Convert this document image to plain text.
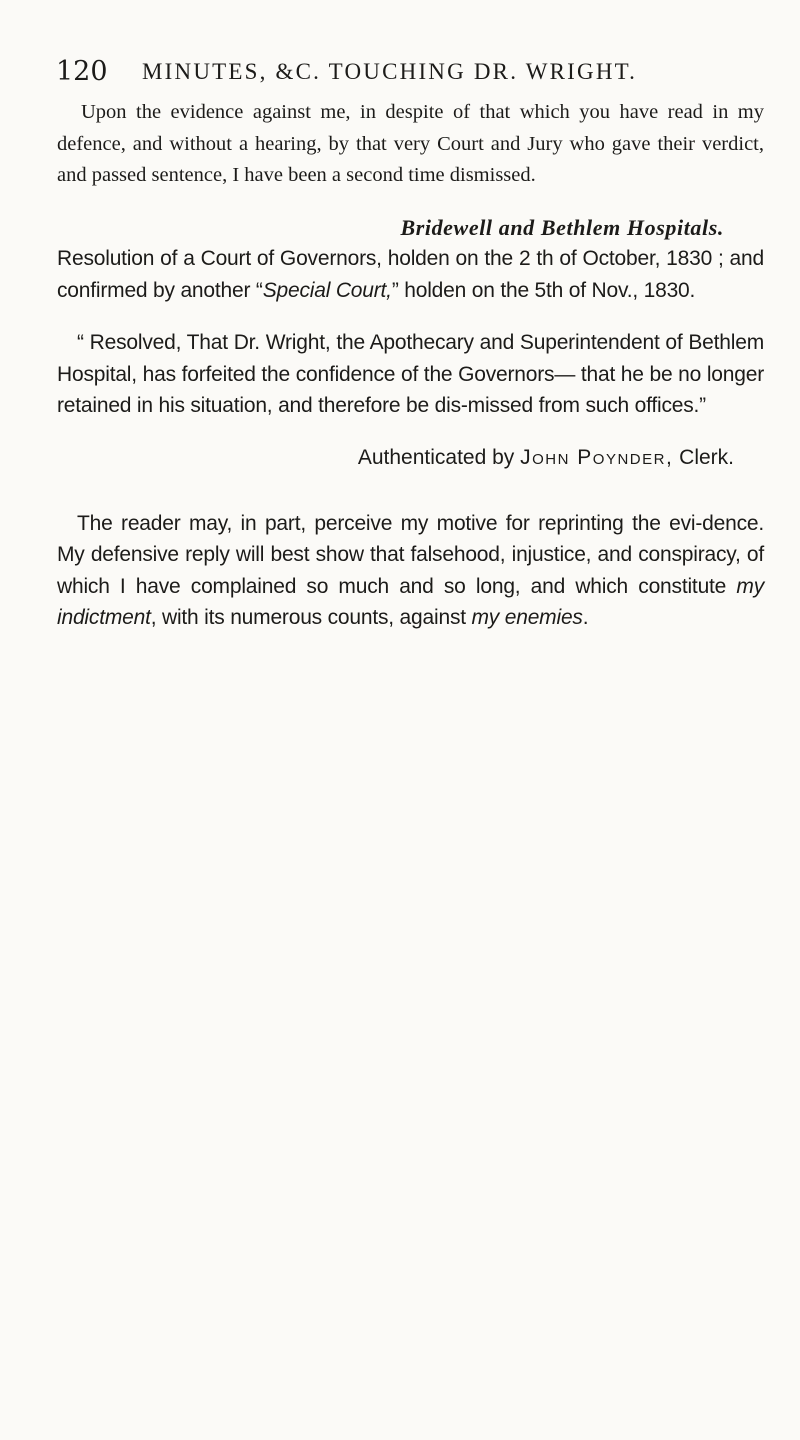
120 MINUTES, &C. TOUCHING DR. WRIGHT.

Upon the evidence against me, in despite of that which you have read in my defence, and without a hearing, by that very Court and Jury who gave their verdict, and passed sentence, I have been a second time dismissed.

Bridewell and Bethlem Hospitals.

Resolution of a Court of Governors, holden on the 2 th of October, 1830 ; and confirmed by another “Special Court,” holden on the 5th of Nov., 1830.

“ Resolved, That Dr. Wright, the Apothecary and Superintendent of Bethlem Hospital, has forfeited the confidence of the Governors— that he be no longer retained in his situation, and therefore be dis-missed from such offices.”

Authenticated by John Poynder, Clerk.

The reader may, in part, perceive my motive for reprinting the evi-dence. My defensive reply will best show that falsehood, injustice, and conspiracy, of which I have complained so much and so long, and which constitute my indictment, with its numerous counts, against my enemies.
